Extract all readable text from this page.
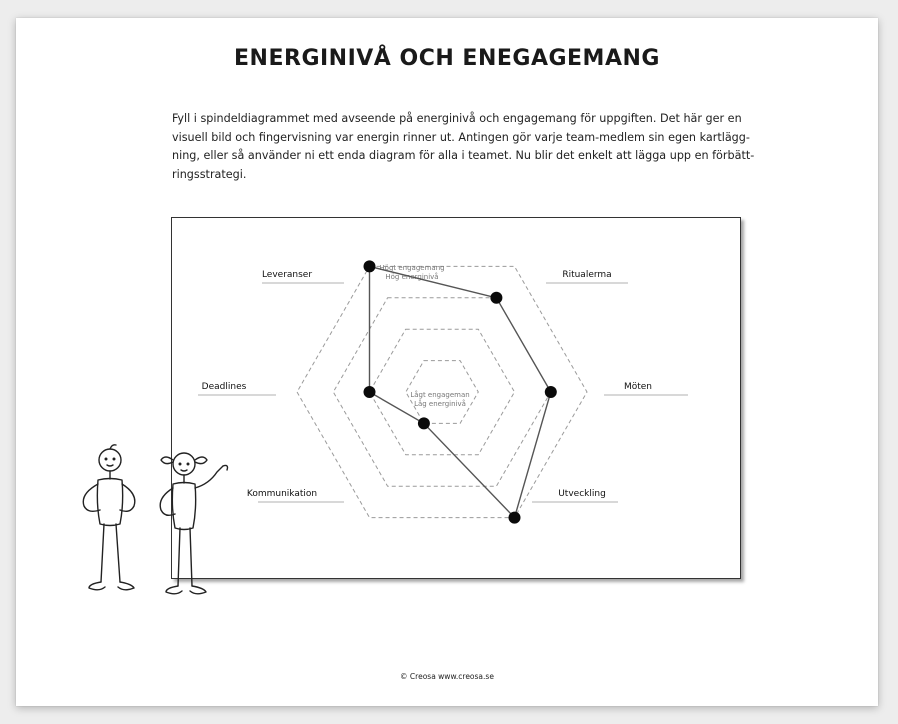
ENERGINIVÅ OCH ENEGAGEMANG
Fyll i spindeldiagrammet med avseende på energinivå och engagemang för uppgiften. Det här ger en visuell bild och fingervisning var energin rinner ut. Antingen gör varje team-medlem sin egen kartlägg-ning, eller så använder ni ett enda diagram för alla i teamet. Nu blir det enkelt att lägga upp en förbätt-ringsstrategi.
Leveranser	Ritualerma
Möten
Utveckling
Kommunikation
Deadlines
Högt engagemang
Hög energinivå
Lågt engageman
Låg energinivå
© Creosa www.creosa.se
